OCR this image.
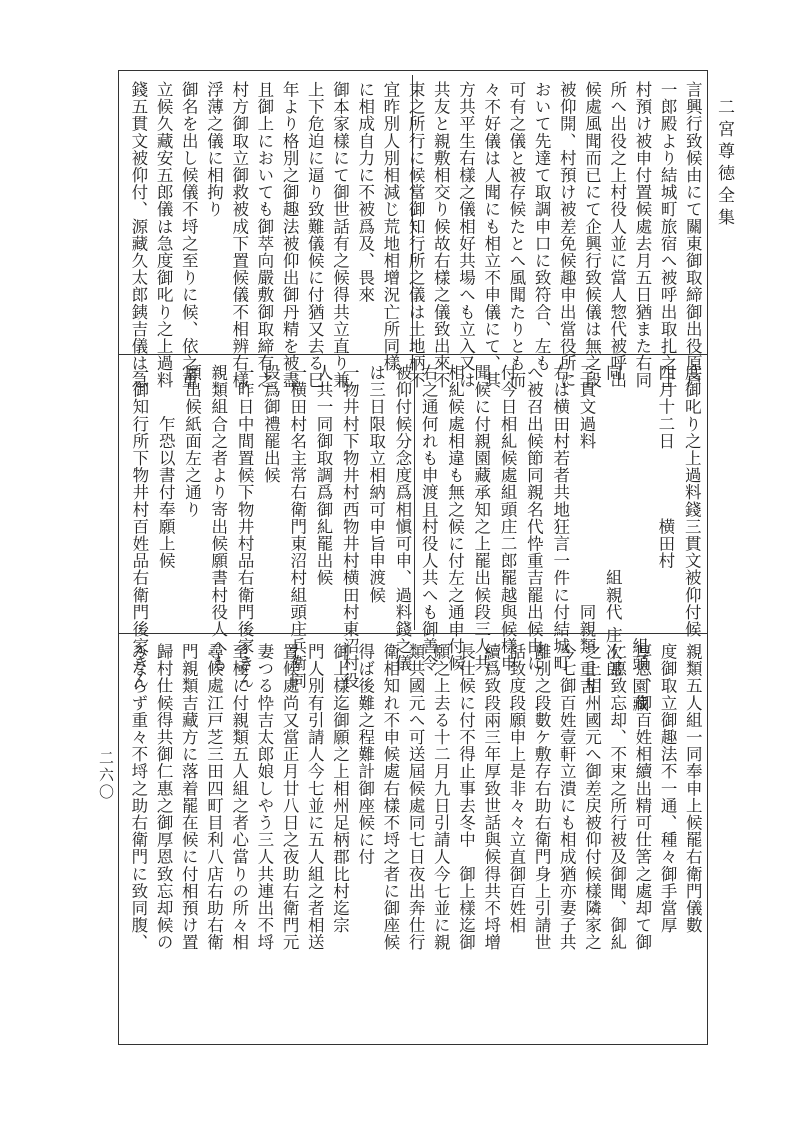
二宮尊徳全集
二六〇
言興行致候由にて關東御取締御出役原戸
一郎殿より結城町旅宿へ被呼出取扎之上
村預け被申付置候處去月五日猶また右同
所へ出役之上村役人並に當人惣代被呼出
候處風聞而已にて企興行致候儀は無之段
被仰開、村預け被差免候趣申出當役所に
おいて先達て取調申口に致符合、左も
可有之儀と被存候たとへ風聞たりとも而
々不好儀は人聞にも相立不申儀にて、其
方共平生右樣之儀相好共場へも立入又は
共友と親敷相交り候故右樣之儀致出來不
束之所行に候當御知行所之儀は土地柄不
宜昨別人別相減じ荒地相增況亡所同樣
に相成自力に不被爲及、畏來
御本家樣にて御世話有之候得共立直り兼
上下危迫に逼り致難儀候に付猶又去る巳
年より格別之御趣法被仰出御丹精を被盡
且御上においても御萃向嚴敷御取締有之
村方御取立御救被成下置候儀不相辨右樣
浮薄之儀に相拘り
御名を出し候儀不埒之至りに候、依之重
立候久藏安五郎儀は急度御叱り之上過料
錢五貫文被仰付、源藏久太郎銕吉儀は急
度御叱り之上過料錢三貫文被仰付候
四月十二日　　　　横田村
　　　　　　　　　　　　　　　　組頭 園藏
同　　　　　　　　　　　組親代 庄次郎
三貫文過料　　　　　　　　　同親類 重吉
右は横田村若者共地狂言一件に付結城町
へ被召出候節同親名代忰重吉罷出候由に
付今日相糺候處組頭庄二郎罷越與候樣申
聞候に付親園藏承知之上罷出候段三人共
相糺候處相違も無之候に付左之通申付候
右之通何れも申渡且村役人共へも御善令
被仰付候分念度爲相愼可申、過料錢之儀
は三日限取立相納可申旨申渡候
一物井村下物井村西物井村横田村東沼村役
人共一同御取調爲御糺罷出候
一横田村名主常右衛門東沼村組頭庄兵衛同
段爲御禮罷出候
一昨日中間置候下物井村品右衛門後家きん
親類組合之者より寄出候願書村役人へも
願出候紙面左之通り
　　　乍恐以書付奉願上候
一御知行所下物井村百姓品右衛門後家きん
親類五人組一同奉申上候罷右衛門儀數
度御取立御趣法不一通、種々御手當厚
厚恩、御百姓相續出精可仕筈之處却て御
仁惠致忘却、不束之所行被及御聞、御糺
之上相州國元へ御差戻被仰付候樣隣家之
今七御百姓壹軒立潰にも相成猶亦妻子共
離別之段數ケ敷存右助右衛門身上引請世
話致度段願申上是非々々立直御百姓相
續爲致段兩三年厚致世話與候得共不埒增
長仕候に付不得止事去冬中　御上樣迄御
願之上去る十二月九日引請人今七並に親
類共國元へ可送屆候處同七日夜出奔仕行
衛相知れ不申候處右樣不埒之者に御座候
得ば後難之程難計御座候に付
御上樣迄御願之上相州足柄郡比村迄宗
門人別有引請人今七並に五人組之者相送
置候處尚又當正月廿八日之夜助右衛門元
妻つる忰吉太郎娘しやう三人共連出不埒
至極に付親類五人組之者心當りの所々相
尋候處江戸芝三田四町目利八店右助右衛
門親類吉藏方に落着罷在候に付相預け置
歸村仕候得共御仁惠之御厚恩致忘却候の
みならず重々不埒之助右衛門に致同腹、
